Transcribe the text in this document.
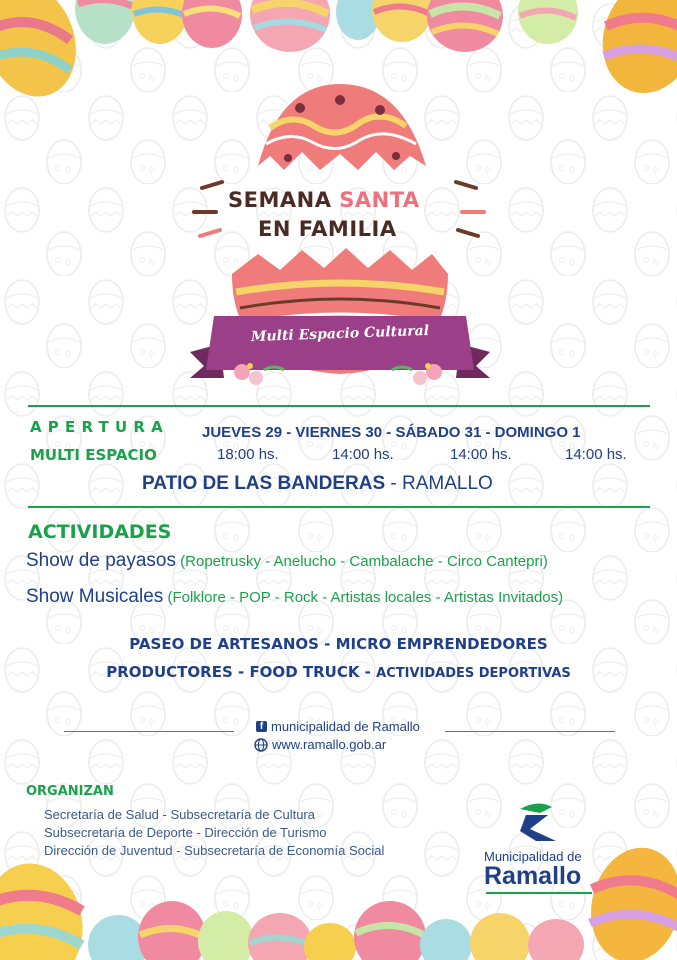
SEMANA SANTA
EN FAMILIA
Multi Espacio Cultural
APERTURA
MULTI ESPACIO
JUEVES 29 - VIERNES 30 - SÁBADO 31 - DOMINGO 1
18:00 hs.	14:00 hs.	14:00 hs.	14:00 hs.
PATIO DE LAS BANDERAS - RAMALLO
ACTIVIDADES
Show de payasos (Ropetrusky - Anelucho - Cambalache - Circo Cantepri)
Show Musicales (Folklore - POP - Rock - Artistas locales - Artistas Invitados)
PASEO DE ARTESANOS - MICRO EMPRENDEDORES
PRODUCTORES - FOOD TRUCK - ACTIVIDADES DEPORTIVAS
f municipalidad de Ramallo
www.ramallo.gob.ar
ORGANIZAN
Secretaría de Salud - Subsecretaría de Cultura
Subsecretaría de Deporte - Dirección de Turismo
Dirección de Juventud - Subsecretaría de Economía Social	Municipalidad de
Ramallo
